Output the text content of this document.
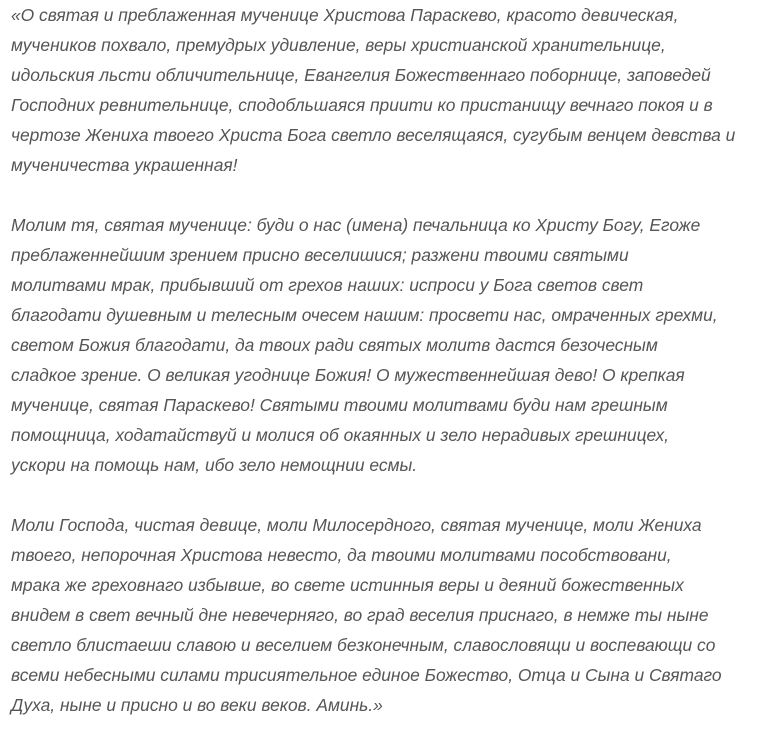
«О святая и преблаженная мученице Христова Параскево, красото девическая,
мучеников похвало, премудрых удивление, веры христианской хранительнице,
идольския льсти обличительнице, Евангелия Божественнаго поборнице, заповедей
Господних ревнительнице, сподобльшаяся приити ко пристанищу вечнаго покоя и в
чертозе Жениха твоего Христа Бога светло веселящаяся, сугубым венцем девства и
мученичества украшенная!

Молим тя, святая мученице: буди о нас (имена) печальница ко Христу Богу, Егоже
преблаженнейшим зрением присно веселишися; разжени твоими святыми
молитвами мрак, прибывший от грехов наших: испроси у Бога светов свет
благодати душевным и телесным очесем нашим: просвети нас, омраченных грехми,
светом Божия благодати, да твоих ради святых молитв дастся безочесным
сладкое зрение. О великая угоднице Божия! О мужественнейшая дево! О крепкая
мученице, святая Параскево! Святыми твоими молитвами буди нам грешным
помощница, ходатайствуй и молися об окаянных и зело нерадивых грешницех,
ускори на помощь нам, ибо зело немощнии есмы.

Моли Господа, чистая девице, моли Милосердного, святая мученице, моли Жениха
твоего, непорочная Христова невесто, да твоими молитвами пособствовани,
мрака же греховнаго избывше, во свете истинныя веры и деяний божественных
внидем в свет вечный дне невечерняго, во град веселия приснаго, в немже ты ныне
светло блистаеши славою и веселием безконечным, славословящи и воспевающи со
всеми небесными силами трисиятельное единое Божество, Отца и Сына и Святаго
Духа, ныне и присно и во веки веков. Аминь.»
